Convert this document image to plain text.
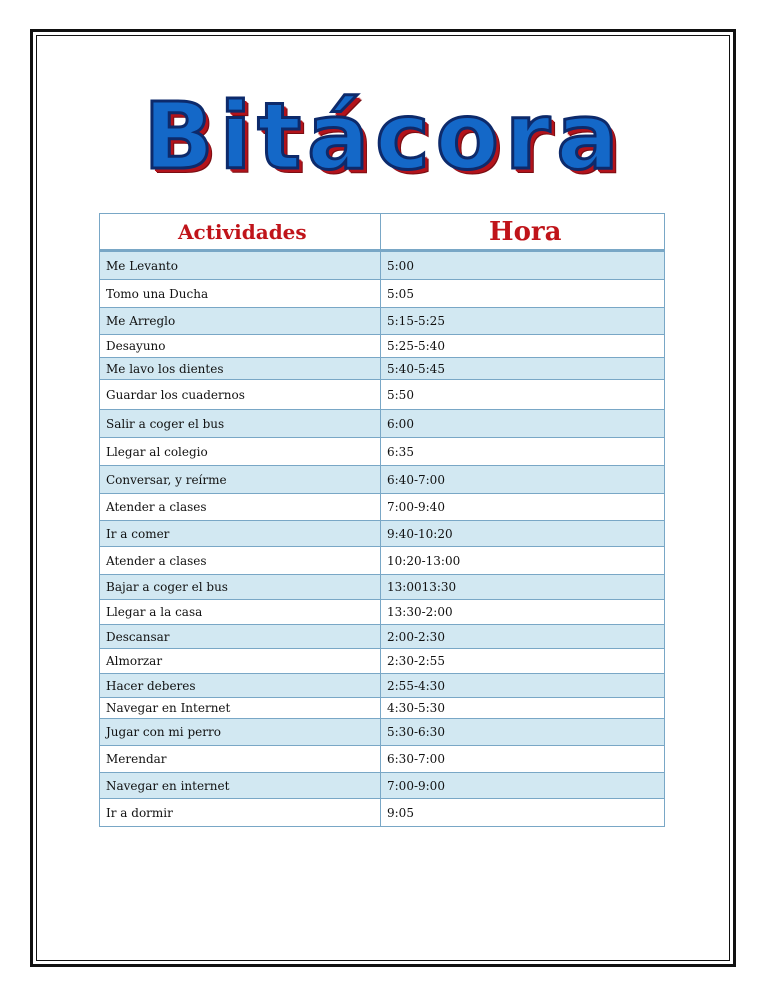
Bitácora
Actividades	Hora
Me Levanto	5:00
Tomo una Ducha	5:05
Me Arreglo	5:15-5:25
Desayuno	5:25-5:40
Me lavo los dientes	5:40-5:45
Guardar los cuadernos	5:50
Salir a coger el bus	6:00
Llegar al colegio	6:35
Conversar, y reírme	6:40-7:00
Atender a clases	7:00-9:40
Ir a comer	9:40-10:20
Atender a clases	10:20-13:00
Bajar a coger el bus	13:0013:30
Llegar a la casa	13:30-2:00
Descansar	2:00-2:30
Almorzar	2:30-2:55
Hacer deberes	2:55-4:30
Navegar en Internet	4:30-5:30
Jugar con mi perro	5:30-6:30
Merendar	6:30-7:00
Navegar en internet	7:00-9:00
Ir a dormir	9:05
